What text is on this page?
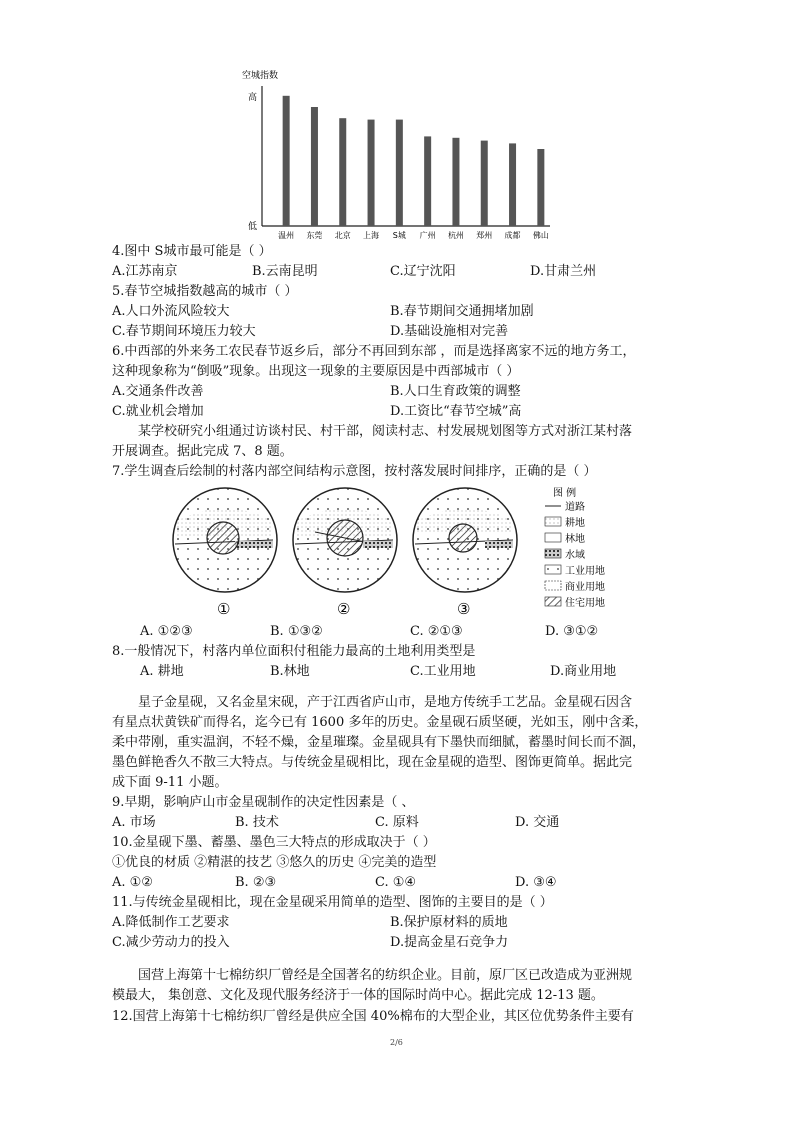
空城指数
高
低
温州 东莞 北京 上海 S城 广州 杭州 郑州 成都 佛山
4.图中 S城市最可能是（ ）
A.江苏南京	B.云南昆明	C.辽宁沈阳	D.甘肃兰州
5.春节空城指数越高的城市（ ）
A.人口外流风险较大	B.春节期间交通拥堵加剧
C.春节期间环境压力较大	D.基础设施相对完善
6.中西部的外来务工农民春节返乡后，部分不再回到东部 ，而是选择离家不远的地方务工，
这种现象称为“倒吸”现象。出现这一现象的主要原因是中西部城市（ ）
A.交通条件改善	B.人口生育政策的调整
C.就业机会增加	D.工资比“春节空城”高
某学校研究小组通过访谈村民、村干部，阅读村志、村发展规划图等方式对浙江某村落
开展调查。据此完成 7、8 题。
7.学生调查后绘制的村落内部空间结构示意图，按村落发展时间排序，正确的是（ ）
①	②	③
图 例
道路
耕地
林地
水域
工业用地
商业用地
住宅用地
A. ①②③	B. ①③②	C. ②①③	D. ③①②
8.一般情况下，村落内单位面积付租能力最高的土地利用类型是
A. 耕地	B.林地	C.工业用地	D.商业用地
星子金星砚，又名金星宋砚，产于江西省庐山市，是地方传统手工艺品。金星砚石因含
有星点状黄铁矿而得名，迄今已有 1600 多年的历史。金星砚石质坚硬，光如玉，刚中含柔，
柔中带刚，重实温润，不轻不燥，金星璀璨。金星砚具有下墨快而细腻，蓄墨时间长而不涸，
墨色鲜艳香久不散三大特点。与传统金星砚相比，现在金星砚的造型、图饰更简单。据此完
成下面 9-11 小题。
9.早期，影响庐山市金星砚制作的决定性因素是（ 、
A. 市场	B. 技术	C. 原料	D. 交通
10.金星砚下墨、蓄墨、墨色三大特点的形成取决于（ ）
①优良的材质 ②精湛的技艺 ③悠久的历史 ④完美的造型
A. ①②	B. ②③	C. ①④	D. ③④
11.与传统金星砚相比，现在金星砚采用简单的造型、图饰的主要目的是（ ）
A.降低制作工艺要求	B.保护原材料的质地
C.减少劳动力的投入	D.提高金星石竞争力
国营上海第十七棉纺织厂曾经是全国著名的纺织企业。目前，原厂区已改造成为亚洲规
模最大， 集创意、文化及现代服务经济于一体的国际时尚中心。据此完成 12-13 题。
12.国营上海第十七棉纺织厂曾经是供应全国 40%棉布的大型企业，其区位优势条件主要有
2/6
